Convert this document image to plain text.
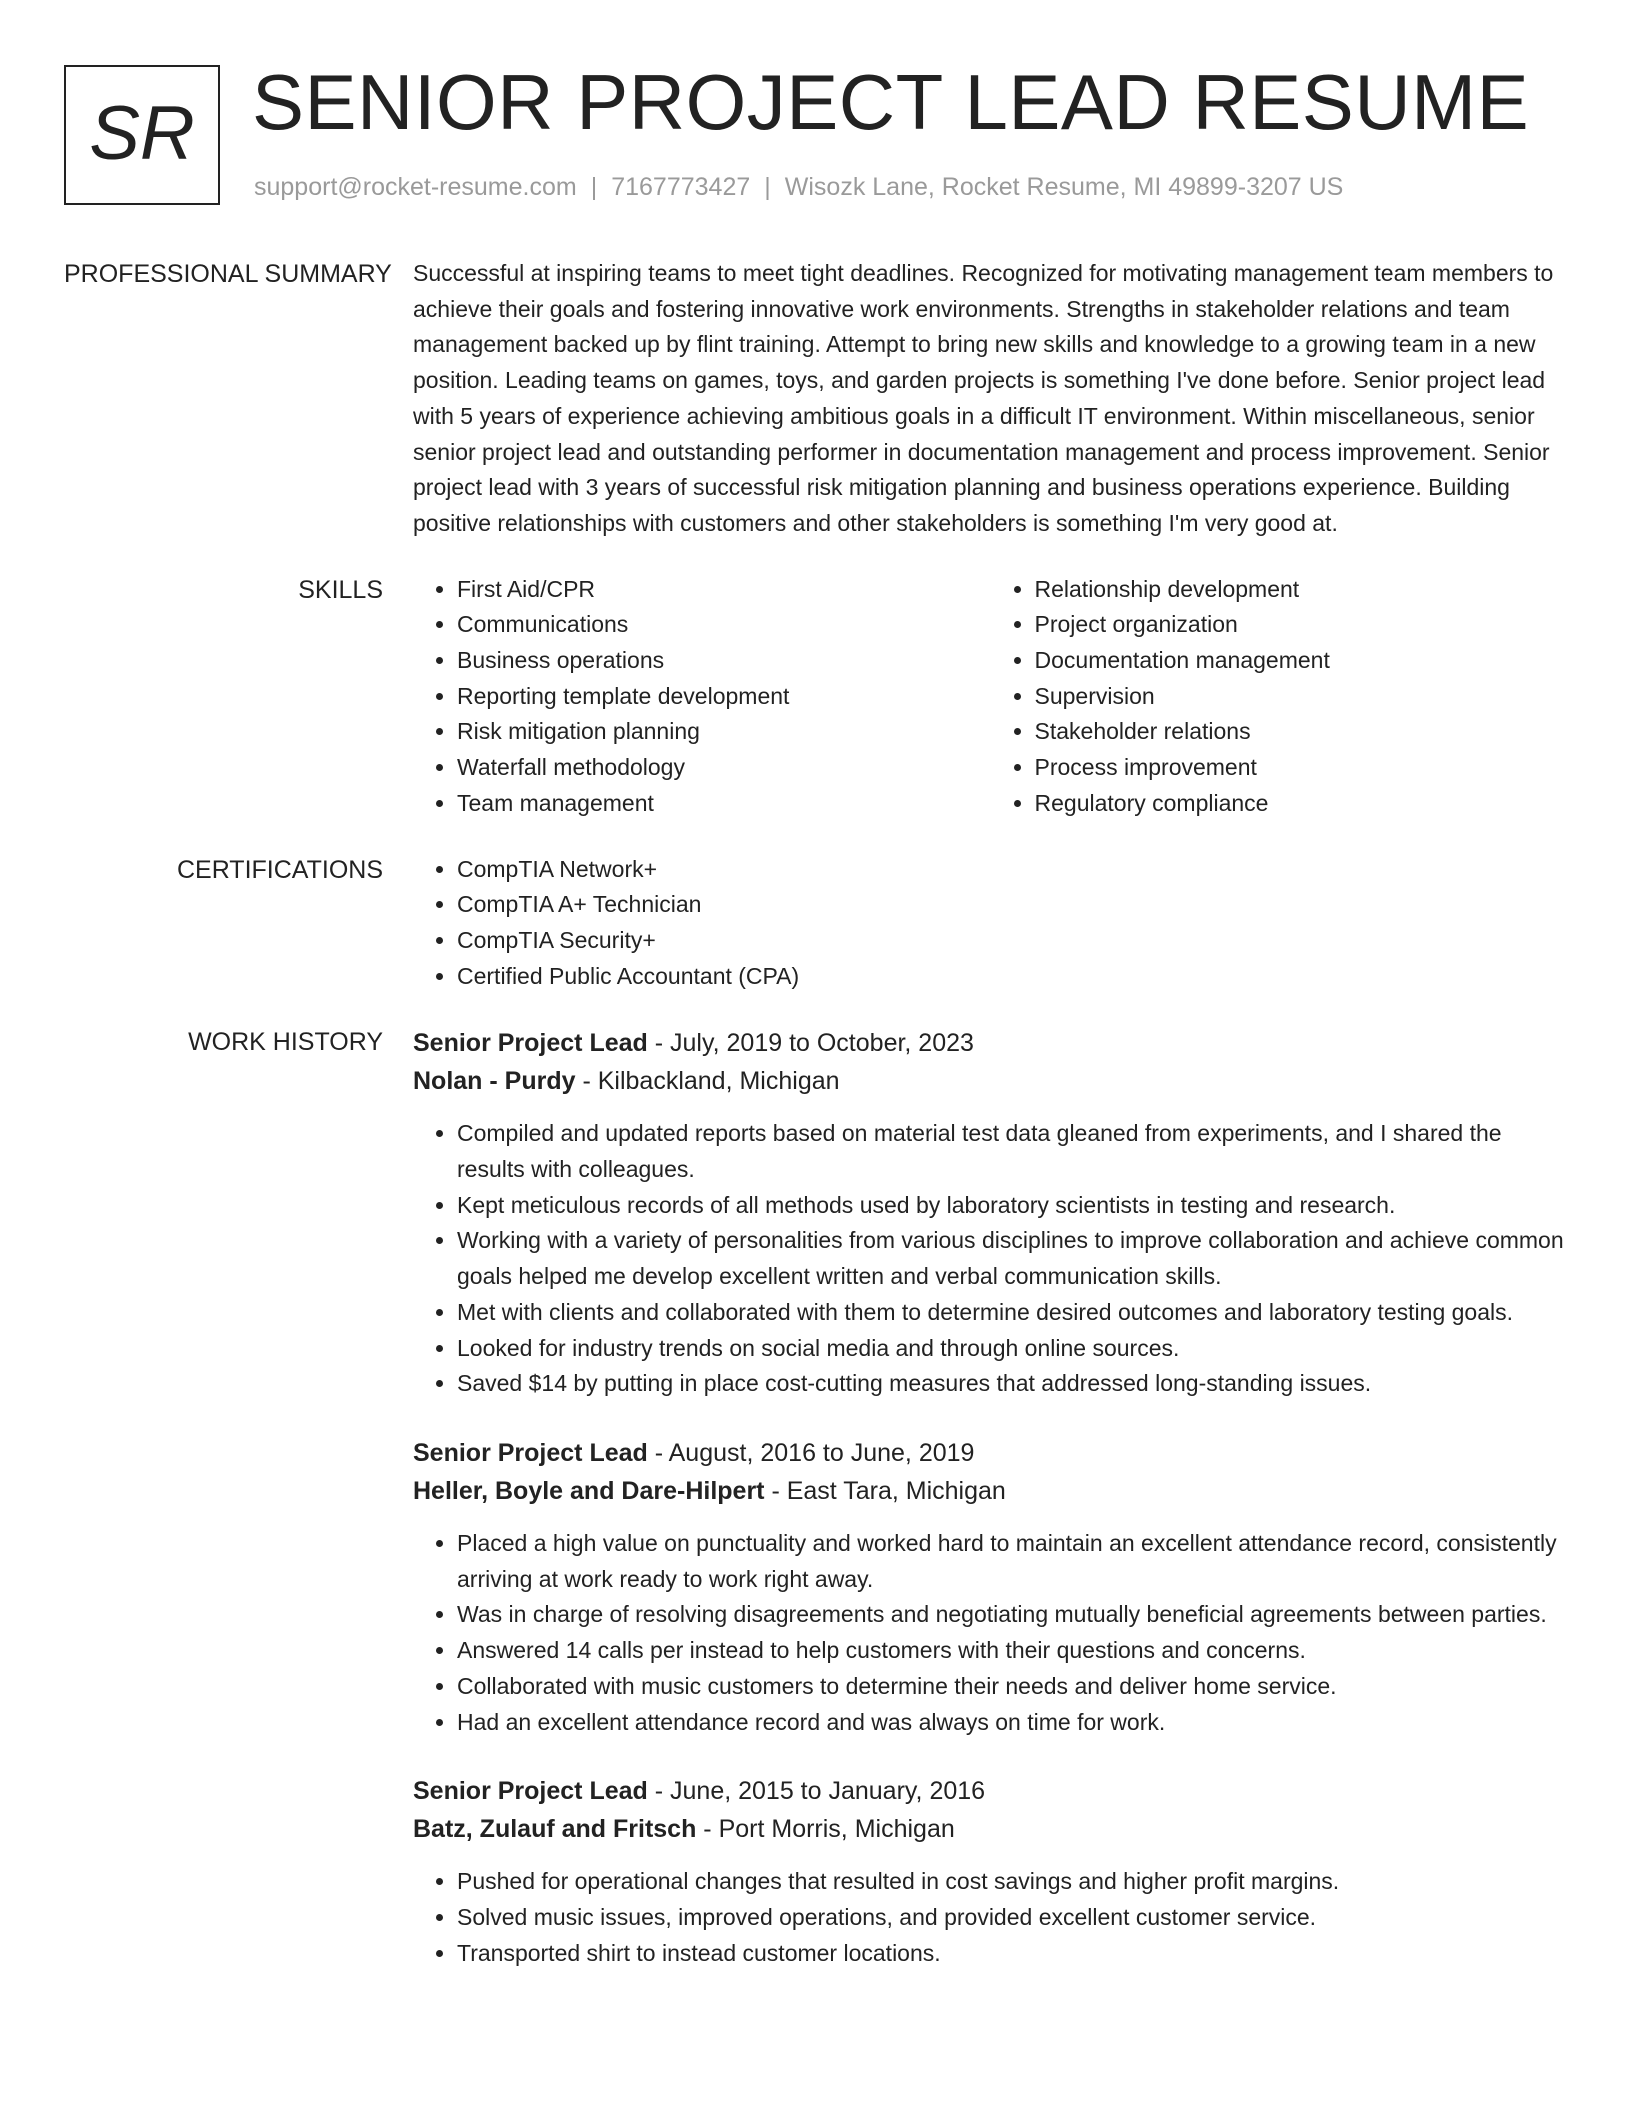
SR SENIOR PROJECT LEAD RESUME
support@rocket-resume.com | 7167773427 | Wisozk Lane, Rocket Resume, MI 49899-3207 US
PROFESSIONAL SUMMARY Successful at inspiring teams to meet tight deadlines. Recognized for motivating management team members to achieve their goals and fostering innovative work environments. Strengths in stakeholder relations and team management backed up by flint training. Attempt to bring new skills and knowledge to a growing team in a new position. Leading teams on games, toys, and garden projects is something I've done before. Senior project lead with 5 years of experience achieving ambitious goals in a difficult IT environment. Within miscellaneous, senior senior project lead and outstanding performer in documentation management and process improvement. Senior project lead with 3 years of successful risk mitigation planning and business operations experience. Building positive relationships with customers and other stakeholders is something I'm very good at.

SKILLS	• First Aid/CPR
• Communications
• Business operations
• Reporting template development
• Risk mitigation planning
• Waterfall methodology
• Team management
• Relationship development
• Project organization
• Documentation management
• Supervision
• Stakeholder relations
• Process improvement
• Regulatory compliance
CERTIFICATIONS	• CompTIA Network+
• CompTIA A+ Technician
• CompTIA Security+
• Certified Public Accountant (CPA)
WORK HISTORY	Senior Project Lead - July, 2019 to October, 2023
Nolan - Purdy - Kilbackland, Michigan
• Compiled and updated reports based on material test data gleaned from experiments, and I shared the results with colleagues.
• Kept meticulous records of all methods used by laboratory scientists in testing and research.
• Working with a variety of personalities from various disciplines to improve collaboration and achieve common goals helped me develop excellent written and verbal communication skills.
• Met with clients and collaborated with them to determine desired outcomes and laboratory testing goals.
• Looked for industry trends on social media and through online sources.
• Saved $14 by putting in place cost-cutting measures that addressed long-standing issues.
Senior Project Lead - August, 2016 to June, 2019
Heller, Boyle and Dare-Hilpert - East Tara, Michigan
• Placed a high value on punctuality and worked hard to maintain an excellent attendance record, consistently arriving at work ready to work right away.
• Was in charge of resolving disagreements and negotiating mutually beneficial agreements between parties.
• Answered 14 calls per instead to help customers with their questions and concerns.
• Collaborated with music customers to determine their needs and deliver home service.
• Had an excellent attendance record and was always on time for work.
Senior Project Lead - June, 2015 to January, 2016
Batz, Zulauf and Fritsch - Port Morris, Michigan
• Pushed for operational changes that resulted in cost savings and higher profit margins.
• Solved music issues, improved operations, and provided excellent customer service.
• Transported shirt to instead customer locations.
